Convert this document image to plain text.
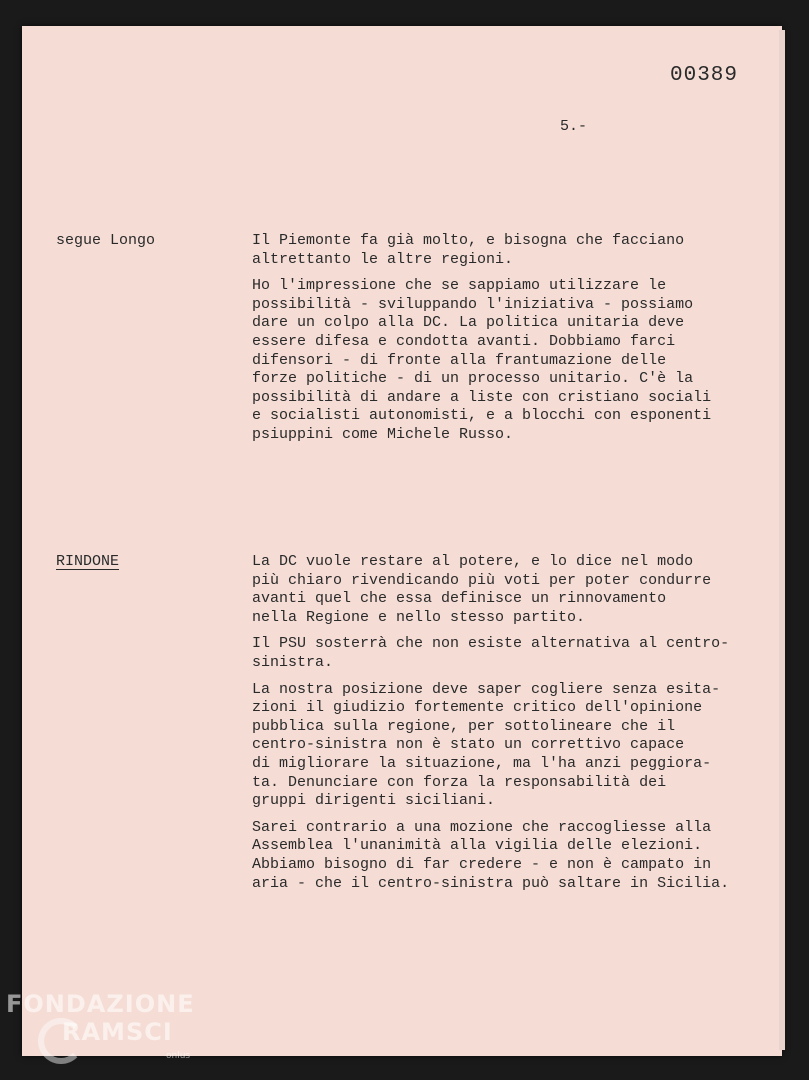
00389
5.-
segue Longo	Il Piemonte fa già molto, e bisogna che facciano
altrettanto le altre regioni.

Ho l'impressione che se sappiamo utilizzare le
possibilità - sviluppando l'iniziativa - possiamo
dare un colpo alla DC. La politica unitaria deve
essere difesa e condotta avanti. Dobbiamo farci
difensori - di fronte alla frantumazione delle
forze politiche - di un processo unitario. C'è la
possibilità di andare a liste con cristiano sociali
e socialisti autonomisti, e a blocchi con esponenti
psiuppini come Michele Russo.

RINDONE	La DC vuole restare al potere, e lo dice nel modo
più chiaro rivendicando più voti per poter condurre
avanti quel che essa definisce un rinnovamento
nella Regione e nello stesso partito.

Il PSU sosterrà che non esiste alternativa al centro-
sinistra.

La nostra posizione deve saper cogliere senza esita-
zioni il giudizio fortemente critico dell'opinione
pubblica sulla regione, per sottolineare che il
centro-sinistra non è stato un correttivo capace
di migliorare la situazione, ma l'ha anzi peggiora-
ta. Denunciare con forza la responsabilità dei
gruppi dirigenti siciliani.

Sarei contrario a una mozione che raccogliesse alla
Assemblea l'unanimità alla vigilia delle elezioni.
Abbiamo bisogno di far credere - e non è campato in
aria - che il centro-sinistra può saltare in Sicilia.

FONDAZIONE
RAMSCI
onlus
